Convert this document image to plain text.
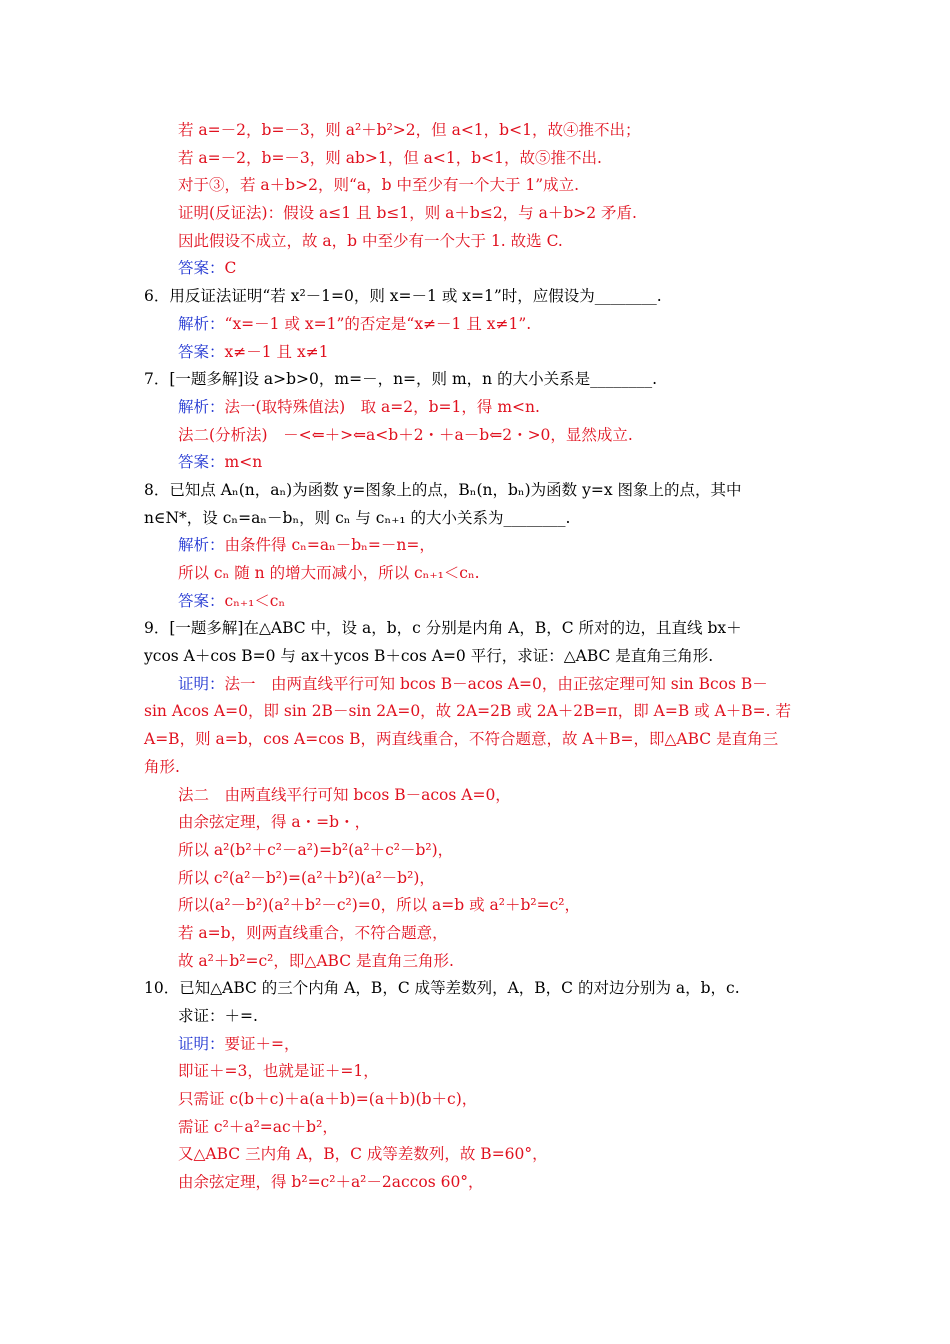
若 a=－2，b=－3，则 a²＋b²>2，但 a<1，b<1，故④推不出；
若 a=－2，b=－3，则 ab>1，但 a<1，b<1，故⑤推不出.
对于③，若 a＋b>2，则“a，b 中至少有一个大于 1”成立.
证明(反证法)：假设 a≤1 且 b≤1，则 a＋b≤2，与 a＋b>2 矛盾.
因此假设不成立，故 a，b 中至少有一个大于 1. 故选 C.
答案：C
6．用反证法证明“若 x²－1=0，则 x=－1 或 x=1”时，应假设为________.
解析：“x=－1 或 x=1”的否定是“x≠－1 且 x≠1”.
答案：x≠－1 且 x≠1
7．[一题多解]设 a>b>0，m=－，n=，则 m，n 的大小关系是________.
解析：法一(取特殊值法)　取 a=2，b=1，得 m<n.
法二(分析法)　－<⇐＋>⇐a<b＋2・＋a－b⇐2・>0，显然成立.
答案：m<n
8．已知点 Aₙ(n，aₙ)为函数 y=图象上的点，Bₙ(n，bₙ)为函数 y=x 图象上的点，其中
n∈N*，设 cₙ=aₙ－bₙ，则 cₙ 与 cₙ₊₁ 的大小关系为________.
解析：由条件得 cₙ=aₙ－bₙ=－n=，
所以 cₙ 随 n 的增大而减小，所以 cₙ₊₁＜cₙ.
答案：cₙ₊₁＜cₙ
9．[一题多解]在△ABC 中，设 a，b，c 分别是内角 A，B，C 所对的边，且直线 bx＋
ycos A＋cos B=0 与 ax＋ycos B＋cos A=0 平行，求证：△ABC 是直角三角形.
证明：法一　由两直线平行可知 bcos B－acos A=0，由正弦定理可知 sin Bcos B－
sin Acos A=0，即 sin 2B－sin 2A=0，故 2A=2B 或 2A＋2B=π，即 A=B 或 A＋B=. 若
A=B，则 a=b，cos A=cos B，两直线重合，不符合题意，故 A＋B=，即△ABC 是直角三
角形.
法二　由两直线平行可知 bcos B－acos A=0，
由余弦定理，得 a・=b・，
所以 a²(b²＋c²－a²)=b²(a²＋c²－b²)，
所以 c²(a²－b²)=(a²＋b²)(a²－b²)，
所以(a²－b²)(a²＋b²－c²)=0，所以 a=b 或 a²＋b²=c²，
若 a=b，则两直线重合，不符合题意，
故 a²＋b²=c²，即△ABC 是直角三角形.
10．已知△ABC 的三个内角 A，B，C 成等差数列，A，B，C 的对边分别为 a，b，c.
求证：＋=.
证明：要证＋=，
即证＋=3，也就是证＋=1，
只需证 c(b＋c)＋a(a＋b)=(a＋b)(b＋c)，
需证 c²＋a²=ac＋b²，
又△ABC 三内角 A，B，C 成等差数列，故 B=60°，
由余弦定理，得 b²=c²＋a²－2accos 60°，
